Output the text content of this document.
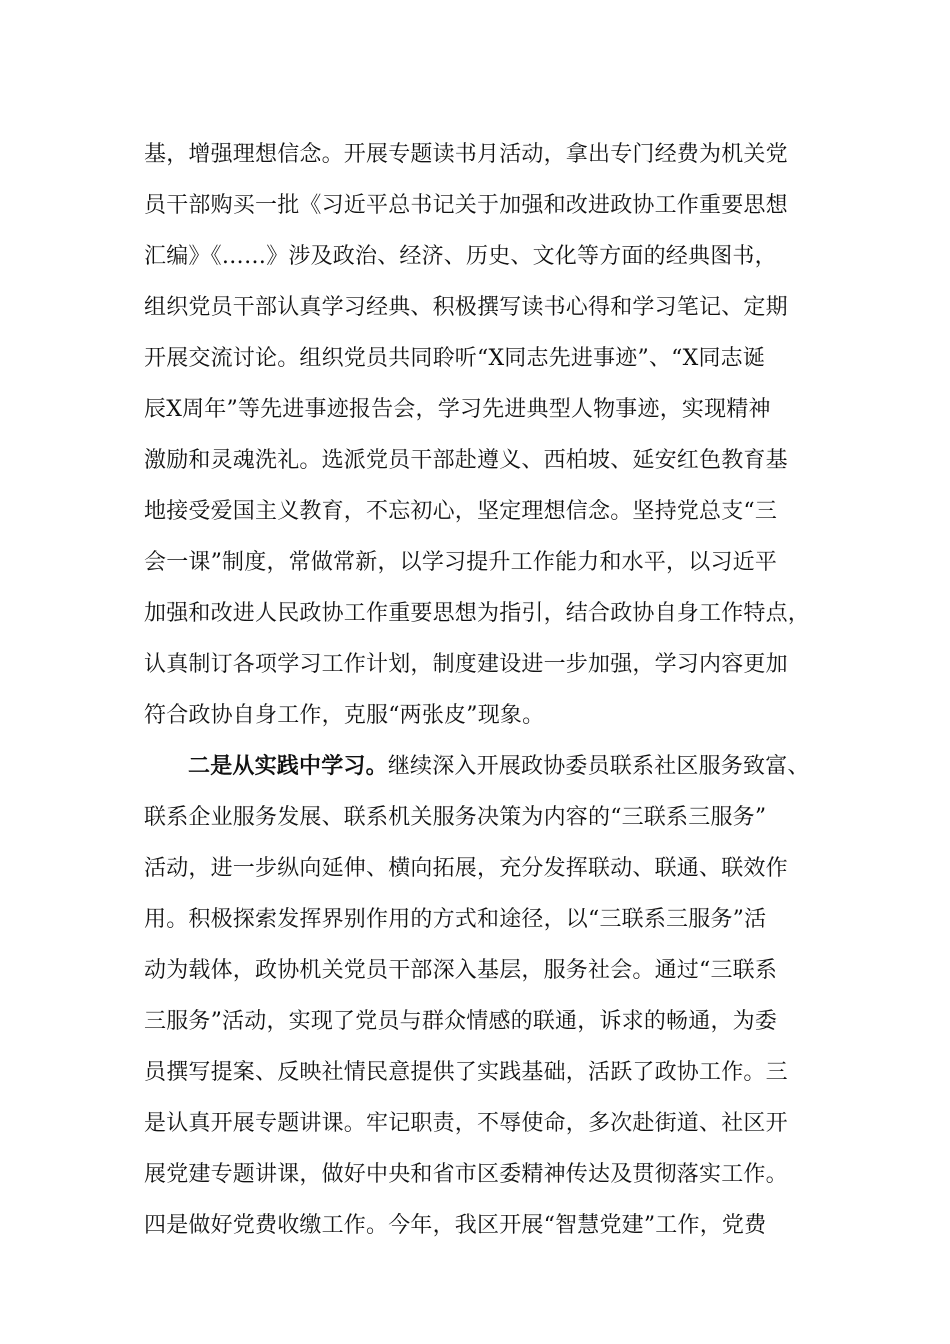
基，增强理想信念。开展专题读书月活动，拿出专门经费为机关党
员干部购买一批《习近平总书记关于加强和改进政协工作重要思想
汇编》《……》涉及政治、经济、历史、文化等方面的经典图书，
组织党员干部认真学习经典、积极撰写读书心得和学习笔记、定期
开展交流讨论。组织党员共同聆听“X同志先进事迹”、“X同志诞
辰X周年”等先进事迹报告会，学习先进典型人物事迹，实现精神
激励和灵魂洗礼。选派党员干部赴遵义、西柏坡、延安红色教育基
地接受爱国主义教育，不忘初心，坚定理想信念。坚持党总支“三
会一课”制度，常做常新，以学习提升工作能力和水平，以习近平
加强和改进人民政协工作重要思想为指引，结合政协自身工作特点，
认真制订各项学习工作计划，制度建设进一步加强，学习内容更加
符合政协自身工作，克服“两张皮”现象。
二是从实践中学习。继续深入开展政协委员联系社区服务致富、
联系企业服务发展、联系机关服务决策为内容的“三联系三服务”
活动，进一步纵向延伸、横向拓展，充分发挥联动、联通、联效作
用。积极探索发挥界别作用的方式和途径，以“三联系三服务”活
动为载体，政协机关党员干部深入基层，服务社会。通过“三联系
三服务”活动，实现了党员与群众情感的联通，诉求的畅通，为委
员撰写提案、反映社情民意提供了实践基础，活跃了政协工作。三
是认真开展专题讲课。牢记职责，不辱使命，多次赴街道、社区开
展党建专题讲课，做好中央和省市区委精神传达及贯彻落实工作。
四是做好党费收缴工作。今年，我区开展“智慧党建”工作，党费
